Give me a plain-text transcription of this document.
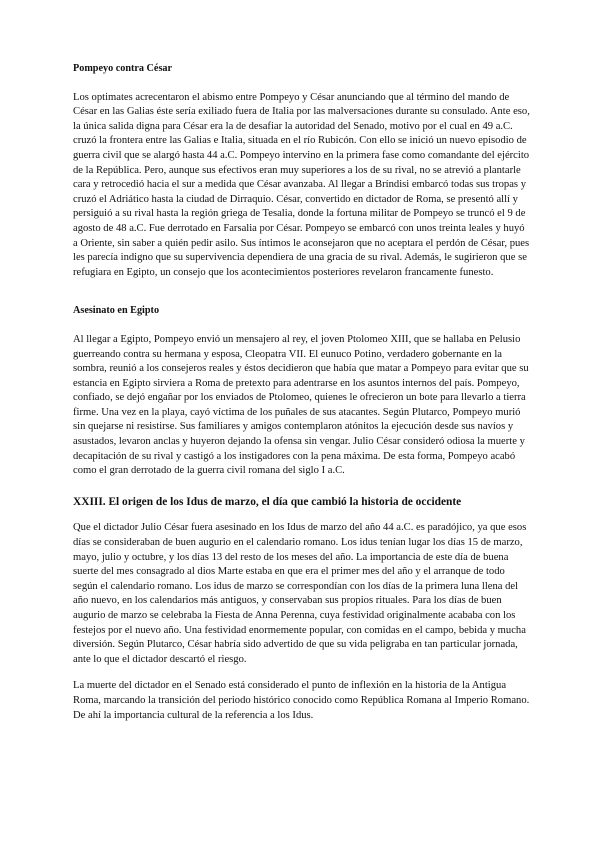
Pompeyo contra César

Los optimates acrecentaron el abismo entre Pompeyo y César anunciando que al término del mando de César en las Galias éste sería exiliado fuera de Italia por las malversaciones durante su consulado. Ante eso, la única salida digna para César era la de desafiar la autoridad del Senado, motivo por el cual en 49 a.C. cruzó la frontera entre las Galias e Italia, situada en el río Rubicón. Con ello se inició un nuevo episodio de guerra civil que se alargó hasta 44 a.C. Pompeyo intervino en la primera fase como comandante del ejército de la República. Pero, aunque sus efectivos eran muy superiores a los de su rival, no se atrevió a plantarle cara y retrocedió hacia el sur a medida que César avanzaba. Al llegar a Bríndisi embarcó todas sus tropas y cruzó el Adriático hasta la ciudad de Dirraquio. César, convertido en dictador de Roma, se presentó allí y persiguió a su rival hasta la región griega de Tesalia, donde la fortuna militar de Pompeyo se truncó el 9 de agosto de 48 a.C. Fue derrotado en Farsalia por César. Pompeyo se embarcó con unos treinta leales y huyó a Oriente, sin saber a quién pedir asilo. Sus íntimos le aconsejaron que no aceptara el perdón de César, pues les parecía indigno que su supervivencia dependiera de una gracia de su rival. Además, le sugirieron que se refugiara en Egipto, un consejo que los acontecimientos posteriores revelaron francamente funesto.

Asesinato en Egipto

Al llegar a Egipto, Pompeyo envió un mensajero al rey, el joven Ptolomeo XIII, que se hallaba en Pelusio guerreando contra su hermana y esposa, Cleopatra VII. El eunuco Potino, verdadero gobernante en la sombra, reunió a los consejeros reales y éstos decidieron que había que matar a Pompeyo para evitar que su estancia en Egipto sirviera a Roma de pretexto para adentrarse en los asuntos internos del país. Pompeyo, confiado, se dejó engañar por los enviados de Ptolomeo, quienes le ofrecieron un bote para llevarlo a tierra firme. Una vez en la playa, cayó víctima de los puñales de sus atacantes. Según Plutarco, Pompeyo murió sin quejarse ni resistirse. Sus familiares y amigos contemplaron atónitos la ejecución desde sus navíos y asustados, levaron anclas y huyeron dejando la ofensa sin vengar. Julio César consideró odiosa la muerte y decapitación de su rival y castigó a los instigadores con la pena máxima. De esta forma, Pompeyo acabó como el gran derrotado de la guerra civil romana del siglo I a.C.

XXIII. El origen de los Idus de marzo, el día que cambió la historia de occidente

Que el dictador Julio César fuera asesinado en los Idus de marzo del año 44 a.C. es paradójico, ya que esos días se consideraban de buen augurio en el calendario romano. Los idus tenían lugar los días 15 de marzo, mayo, julio y octubre, y los días 13 del resto de los meses del año. La importancia de este día de buena suerte del mes consagrado al dios Marte estaba en que era el primer mes del año y el arranque de todo según el calendario romano. Los idus de marzo se correspondían con los días de la primera luna llena del año nuevo, en los calendarios más antiguos, y conservaban sus propios rituales. Para los días de buen augurio de marzo se celebraba la Fiesta de Anna Perenna, cuya festividad originalmente acababa con los festejos por el nuevo año. Una festividad enormemente popular, con comidas en el campo, bebida y mucha diversión. Según Plutarco, César habría sido advertido de que su vida peligraba en tan particular jornada, ante lo que el dictador descartó el riesgo.

La muerte del dictador en el Senado está considerado el punto de inflexión en la historia de la Antigua Roma, marcando la transición del periodo histórico conocido como República Romana al Imperio Romano. De ahí la importancia cultural de la referencia a los Idus.
